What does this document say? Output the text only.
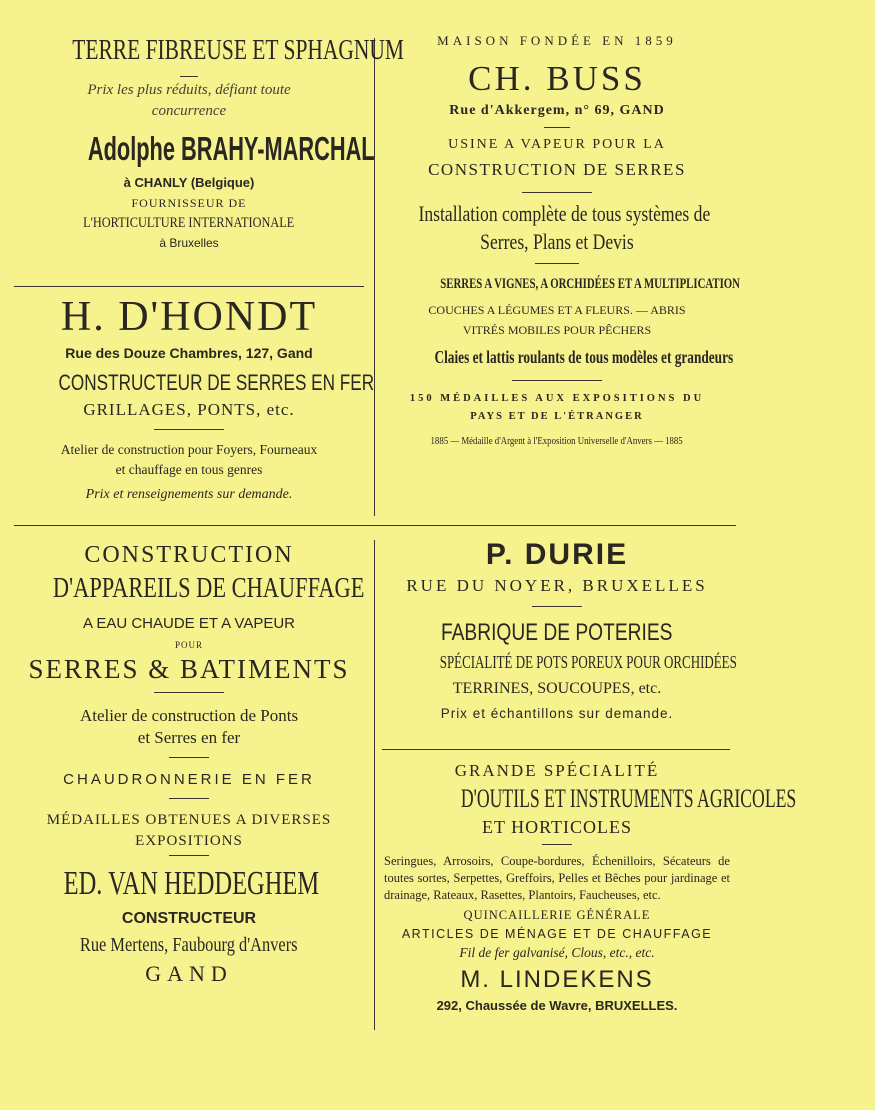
TERRE FIBREUSE ET SPHAGNUM
Prix les plus réduits, défiant toute
concurrence
Adolphe BRAHY-MARCHAL
à CHANLY (Belgique)
FOURNISSEUR DE
L'HORTICULTURE INTERNATIONALE
à Bruxelles
H. D'HONDT
Rue des Douze Chambres, 127, Gand
CONSTRUCTEUR DE SERRES EN FER
GRILLAGES, PONTS, etc.
Atelier de construction pour Foyers, Fourneaux
et chauffage en tous genres
Prix et renseignements sur demande.
MAISON FONDÉE EN 1859
CH. BUSS
Rue d'Akkergem, n° 69, GAND
USINE A VAPEUR POUR LA
CONSTRUCTION DE SERRES
Installation complète de tous systèmes de
Serres, Plans et Devis
SERRES A VIGNES, A ORCHIDÉES ET A MULTIPLICATION
COUCHES A LÉGUMES ET A FLEURS. — ABRIS
VITRÉS MOBILES POUR PÊCHERS
Claies et lattis roulants de tous modèles et grandeurs
150 MÉDAILLES AUX EXPOSITIONS DU
PAYS ET DE L'ÉTRANGER
1885 — Médaille d'Argent à l'Exposition Universelle d'Anvers — 1885
CONSTRUCTION
D'APPAREILS DE CHAUFFAGE
A EAU CHAUDE ET A VAPEUR
POUR
SERRES & BATIMENTS
Atelier de construction de Ponts
et Serres en fer
CHAUDRONNERIE EN FER
MÉDAILLES OBTENUES A DIVERSES
EXPOSITIONS
ED. VAN HEDDEGHEM
CONSTRUCTEUR
Rue Mertens, Faubourg d'Anvers
GAND
P. DURIE
RUE DU NOYER, BRUXELLES
FABRIQUE DE POTERIES
SPÉCIALITÉ DE POTS POREUX POUR ORCHIDÉES
TERRINES, SOUCOUPES, etc.
Prix et échantillons sur demande.
GRANDE SPÉCIALITÉ
D'OUTILS ET INSTRUMENTS AGRICOLES
ET HORTICOLES
Seringues, Arrosoirs, Coupe-bordures, Échenilloirs, Sécateurs de toutes sortes, Serpettes, Greffoirs, Pelles et Bêches pour jardinage et drainage, Rateaux, Rasettes, Plantoirs, Faucheuses, etc.
QUINCAILLERIE GÉNÉRALE
ARTICLES DE MÉNAGE ET DE CHAUFFAGE
Fil de fer galvanisé, Clous, etc., etc.
M. LINDEKENS
292, Chaussée de Wavre, BRUXELLES.
